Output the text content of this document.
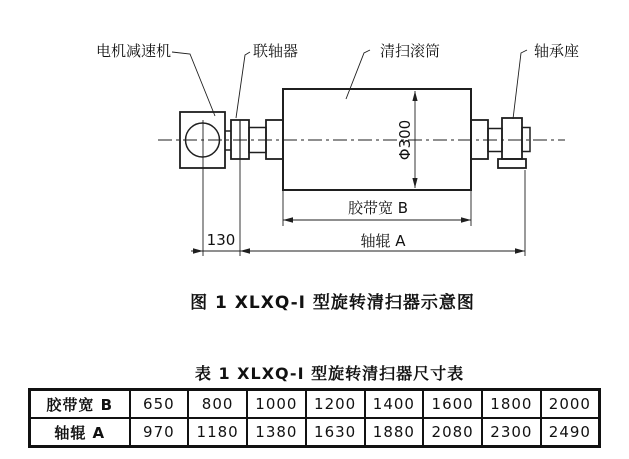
Φ300
胶带宽 B
130	轴辊 A
电机减速机	联轴器	清扫滚筒	轴承座
图 1 XLXQ-I 型旋转清扫器示意图
表 1 XLXQ-I 型旋转清扫器尺寸表
胶带宽 B	650	800	1000	1200	1400	1600	1800	2000
轴辊 A	970	1180	1380	1630	1880	2080	2300	2490
